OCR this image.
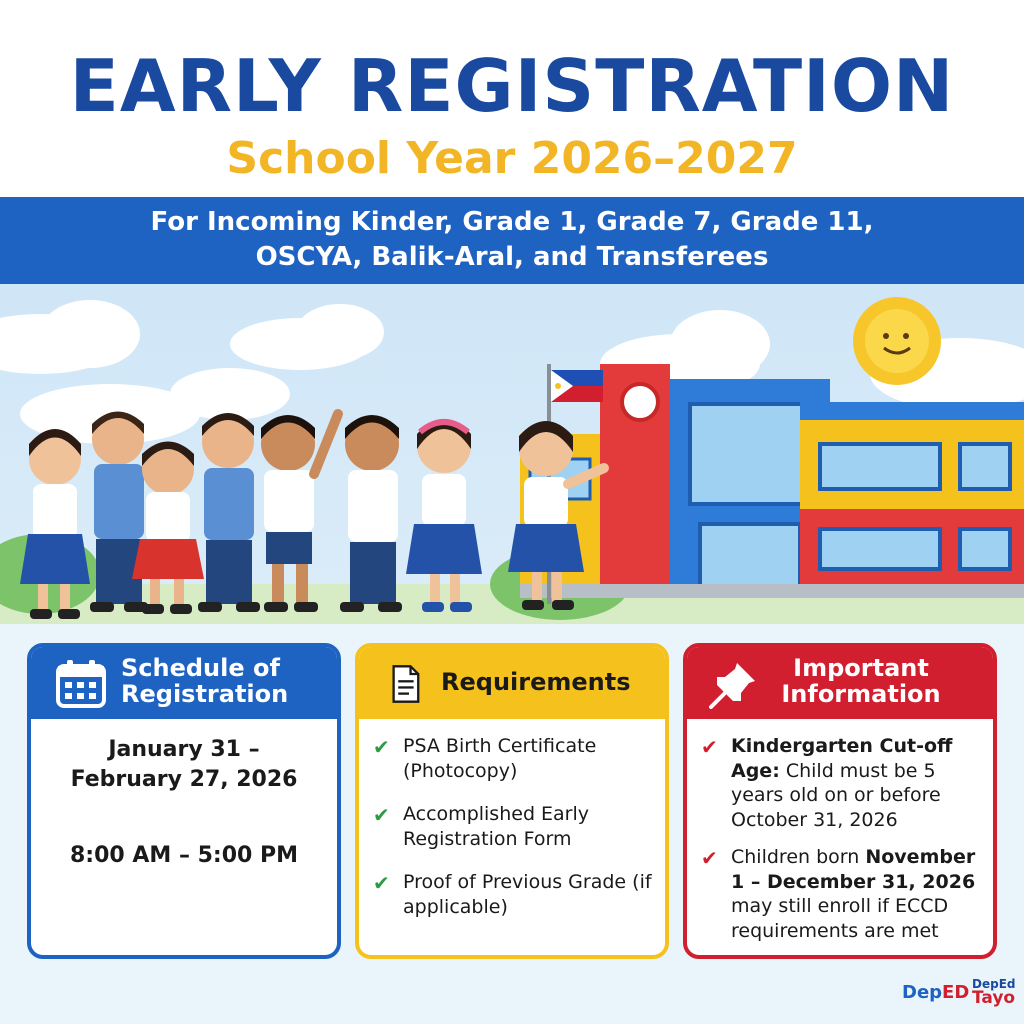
EARLY REGISTRATION
School Year 2026–2027
For Incoming Kinder, Grade 1, Grade 7, Grade 11,
OSCYA, Balik-Aral, and Transferees
Schedule of
Registration
January 31 –
February 27, 2026
8:00 AM – 5:00 PM
Requirements
✔ PSA Birth Certificate (Photocopy)
✔ Accomplished Early Registration Form
✔ Proof of Previous Grade (if applicable)
Important Information
✔ Kindergarten Cut-off Age: Child must be 5 years old on or before October 31, 2026
✔ Children born November 1 – December 31, 2026 may still enroll if ECCD requirements are met
DepED DepEd
Tayo
